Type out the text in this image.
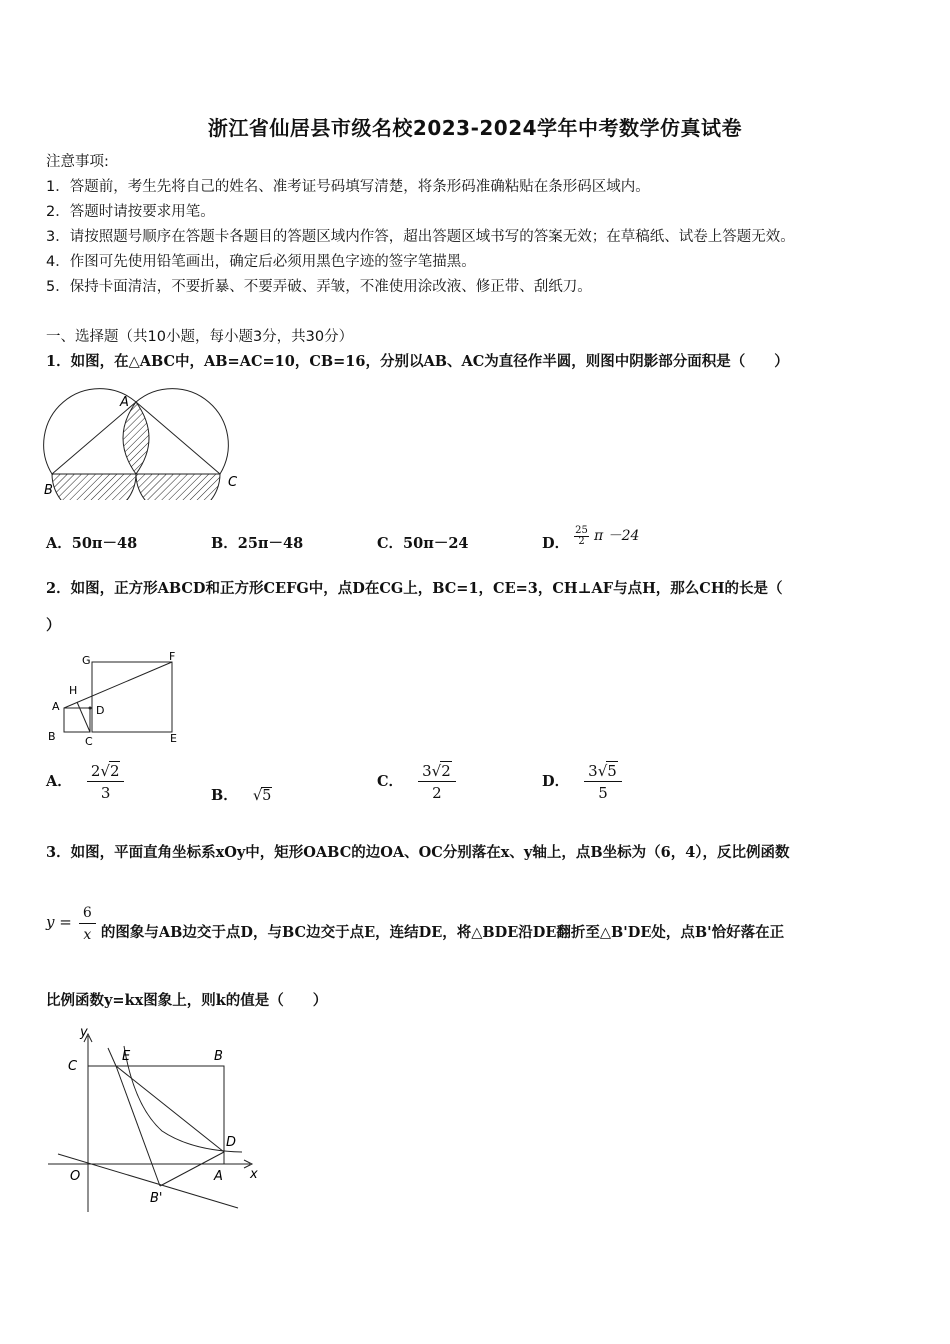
浙江省仙居县市级名校2023-2024学年中考数学仿真试卷
注意事项:
1．答题前，考生先将自己的姓名、准考证号码填写清楚，将条形码准确粘贴在条形码区域内。
2．答题时请按要求用笔。
3．请按照题号顺序在答题卡各题目的答题区域内作答，超出答题区域书写的答案无效；在草稿纸、试卷上答题无效。
4．作图可先使用铅笔画出，确定后必须用黑色字迹的签字笔描黑。
5．保持卡面清洁，不要折暴、不要弄破、弄皱，不准使用涂改液、修正带、刮纸刀。
一、选择题（共10小题，每小题3分，共30分）
1．如图，在△ABC中，AB=AC=10，CB=16，分别以AB、AC为直径作半圆，则图中阴影部分面积是（　　）
A
B
C
A．50π－48	B．25π－48	C．50π－24	D． $\frac{25}{2}$ π －24
2．如图，正方形ABCD和正方形CEFG中，点D在CG上，BC=1，CE=3，CH⊥AF与点H，那么CH的长是（
）
G	F
H
A	D
B	C	E
A． $\frac{2√2}{3}$	B． √5
C． $\frac{3√2}{2}$	D． $\frac{3√5}{5}$
3．如图，平面直角坐标系xOy中，矩形OABC的边OA、OC分别落在x、y轴上，点B坐标为（6，4），反比例函数
$y = \frac{6}{x}$ 的图象与AB边交于点D，与BC边交于点E，连结DE，将△BDE沿DE翻折至△B'DE处，点B'恰好落在正
比例函数y=kx图象上，则k的值是（　　）
y
C
E	B
D
O	A x
B'
